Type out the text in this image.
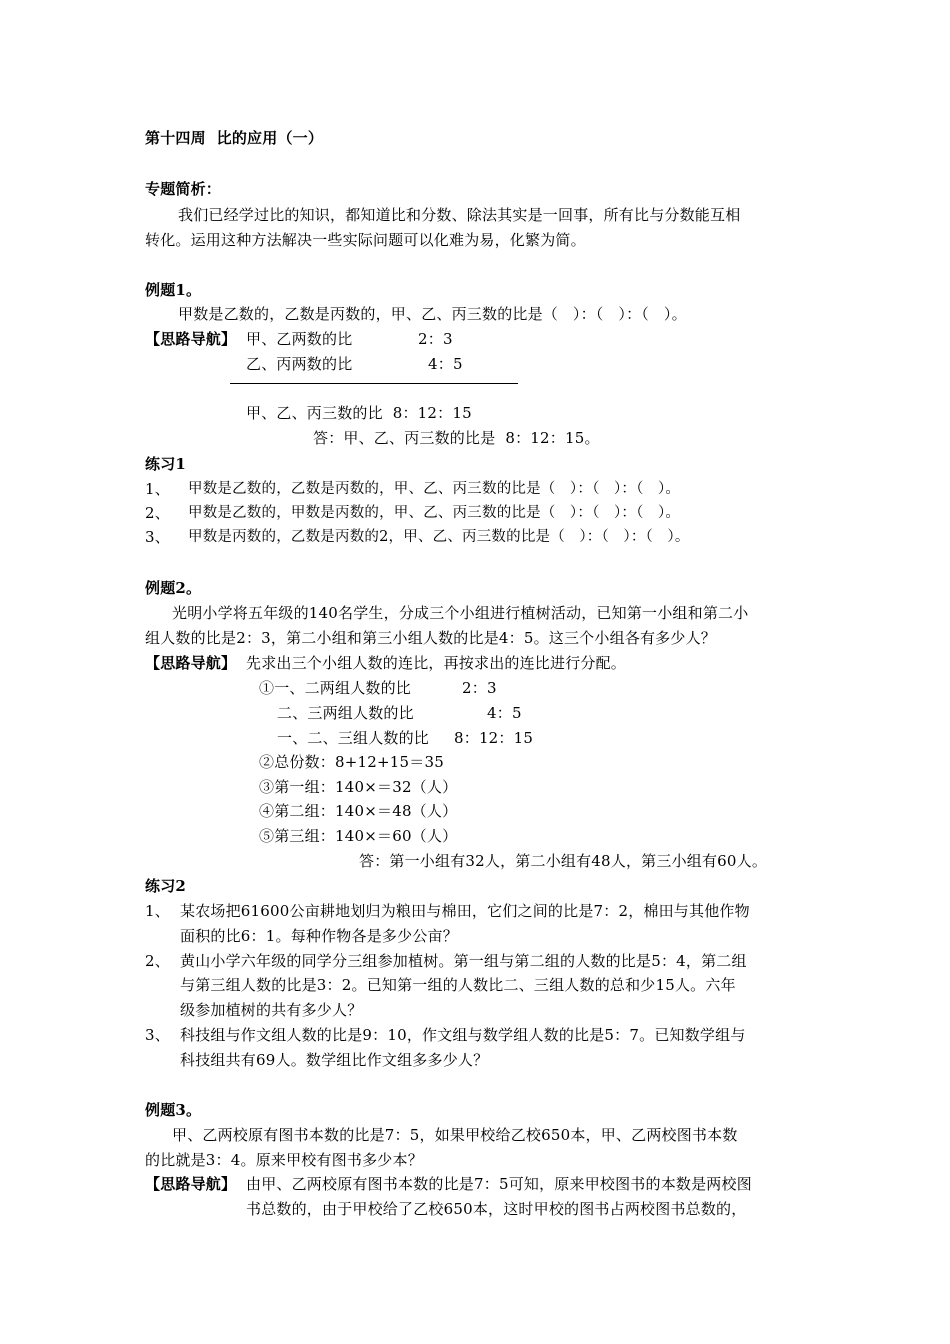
第十四周  比的应用（一）
专题简析：
我们已经学过比的知识，都知道比和分数、除法其实是一回事，所有比与分数能互相
转化。运用这种方法解决一些实际问题可以化难为易，化繁为简。
例题1。
甲数是乙数的，乙数是丙数的，甲、乙、丙三数的比是（   ）：（   ）：（   ）。
【思路导航】 甲、乙两数的比	2：3
乙、丙两数的比	4：5
甲、乙、丙三数的比  8：12：15
答：甲、乙、丙三数的比是  8：12：15。
练习1
1、 甲数是乙数的，乙数是丙数的，甲、乙、丙三数的比是（   ）：（   ）：（   ）。
2、 甲数是乙数的，甲数是丙数的，甲、乙、丙三数的比是（   ）：（   ）：（   ）。
3、 甲数是丙数的，乙数是丙数的2，甲、乙、丙三数的比是（   ）：（   ）：（   ）。
例题2。
光明小学将五年级的140名学生，分成三个小组进行植树活动，已知第一小组和第二小
组人数的比是2：3，第二小组和第三小组人数的比是4：5。这三个小组各有多少人？
【思路导航】 先求出三个小组人数的连比，再按求出的连比进行分配。
①一、二两组人数的比	2：3
二、三两组人数的比	4：5
一、二、三组人数的比 8：12：15
②总份数：8+12+15＝35
③第一组：140×＝32（人）
④第二组：140×＝48（人）
⑤第三组：140×＝60（人）
答：第一小组有32人，第二小组有48人，第三小组有60人。
练习2
1、 某农场把61600公亩耕地划归为粮田与棉田，它们之间的比是7：2，棉田与其他作物
面积的比6：1。每种作物各是多少公亩？
2、 黄山小学六年级的同学分三组参加植树。第一组与第二组的人数的比是5：4，第二组
与第三组人数的比是3：2。已知第一组的人数比二、三组人数的总和少15人。六年
级参加植树的共有多少人？
3、 科技组与作文组人数的比是9：10，作文组与数学组人数的比是5：7。已知数学组与
科技组共有69人。数学组比作文组多多少人？
例题3。
甲、乙两校原有图书本数的比是7：5，如果甲校给乙校650本，甲、乙两校图书本数
的比就是3：4。原来甲校有图书多少本？
【思路导航】 由甲、乙两校原有图书本数的比是7：5可知，原来甲校图书的本数是两校图
书总数的，由于甲校给了乙校650本，这时甲校的图书占两校图书总数的，
